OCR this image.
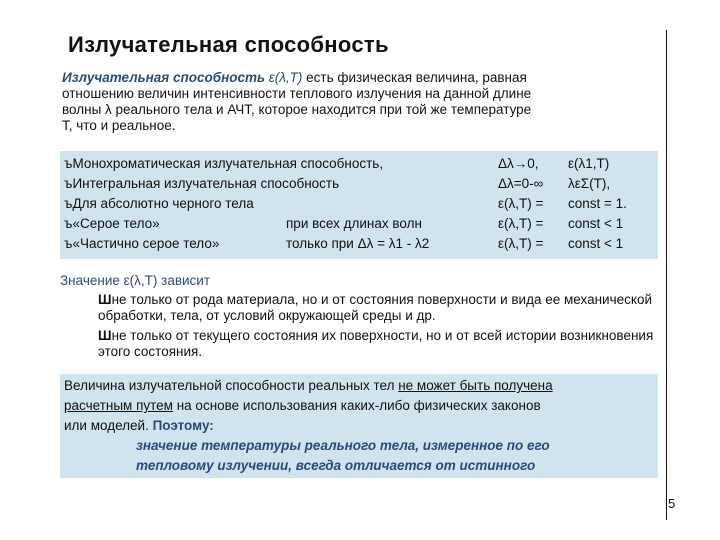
Излучательная способность
Излучательная способность ε(λ,T) есть физическая величина, равная
отношению величин интенсивности теплового излучения на данной длине
волны λ реального тела и АЧТ, которое находится при той же температуре
T, что и реальное.
ъМонохроматическая излучательная способность,	Δλ→0, ε(λ1,T)
ъИнтегральная излучательная способность	Δλ=0-∞ λεΣ(T),
ъДля абсолютно черного тела	ε(λ,T) = const = 1.
ъ«Серое тело»	при всех длинах волн	ε(λ,T) = const < 1
ъ«Частично серое тело»	только при Δλ = λ1 - λ2	ε(λ,T) = const < 1
Значение ε(λ,T) зависит
Шне только от рода материала, но и от состояния поверхности и вида ее механической обработки, тела, от условий окружающей среды и др.
Шне только от текущего состояния их поверхности, но и от всей истории возникновения этого состояния.
Величина излучательной способности реальных тел не может быть получена
расчетным путем на основе использования каких-либо физических законов
или моделей. Поэтому:
значение температуры реального тела, измеренное по его
тепловому излучении, всегда отличается от истинного
5
